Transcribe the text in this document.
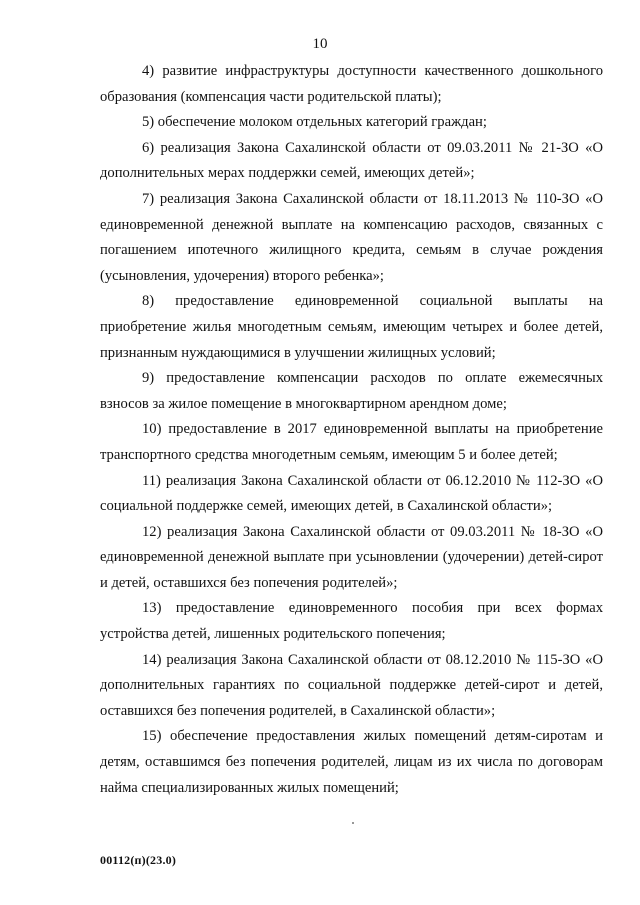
10

4) развитие инфраструктуры доступности качественного дошкольного образования (компенсация части родительской платы);

5) обеспечение молоком отдельных категорий граждан;

6) реализация Закона Сахалинской области от 09.03.2011 № 21-ЗО «О дополнительных мерах поддержки семей, имеющих детей»;

7) реализация Закона Сахалинской области от 18.11.2013 № 110-ЗО «О единовременной денежной выплате на компенсацию расходов, связанных с погашением ипотечного жилищного кредита, семьям в случае рождения (усыновления, удочерения) второго ребенка»;

8) предоставление единовременной социальной выплаты на приобретение жилья многодетным семьям, имеющим четырех и более детей, признанным нуждающимися в улучшении жилищных условий;

9) предоставление компенсации расходов по оплате ежемесячных взносов за жилое помещение в многоквартирном арендном доме;

10) предоставление в 2017 единовременной выплаты на приобретение транспортного средства многодетным семьям, имеющим 5 и более детей;

11) реализация Закона Сахалинской области от 06.12.2010 № 112-ЗО «О социальной поддержке семей, имеющих детей, в Сахалинской области»;

12) реализация Закона Сахалинской области от 09.03.2011 № 18-ЗО «О единовременной денежной выплате при усыновлении (удочерении) детей-сирот и детей, оставшихся без попечения родителей»;

13) предоставление единовременного пособия при всех формах устройства детей, лишенных родительского попечения;

14) реализация Закона Сахалинской области от 08.12.2010 № 115-ЗО «О дополнительных гарантиях по социальной поддержке детей-сирот и детей, оставшихся без попечения родителей, в Сахалинской области»;

15) обеспечение предоставления жилых помещений детям-сиротам и детям, оставшимся без попечения родителей, лицам из их числа по договорам найма специализированных жилых помещений;

00112(п)(23.0)
